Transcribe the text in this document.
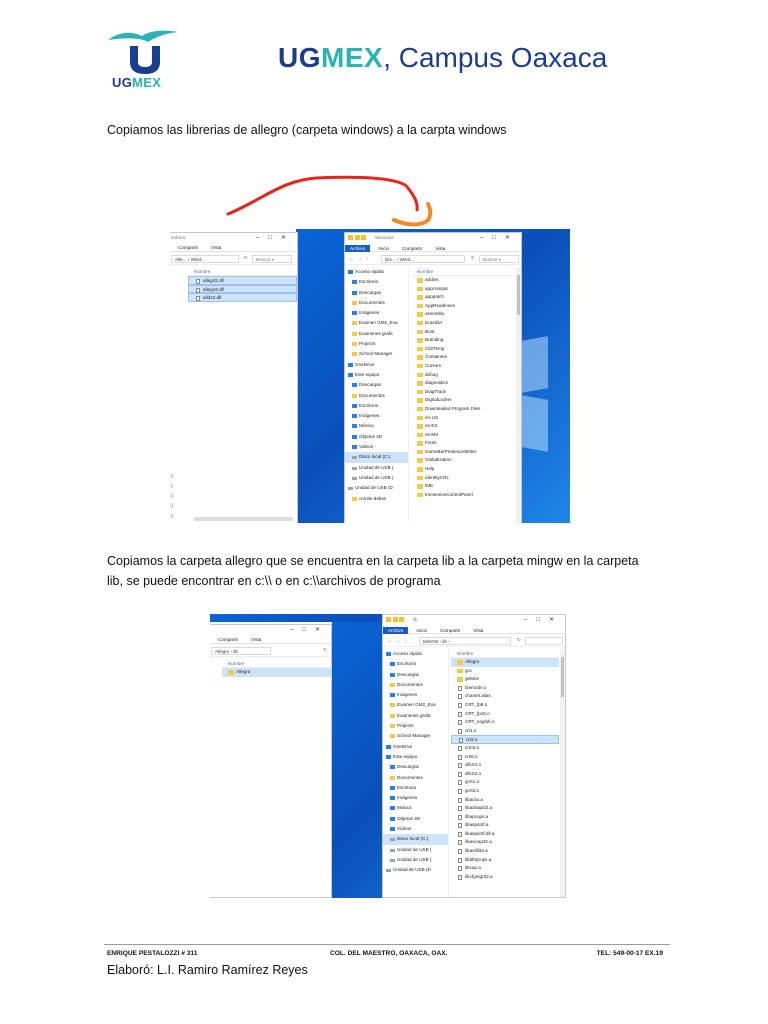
UGMEX
UGMEX, Campus Oaxaca
Copiamos las librerias de allegro (carpeta windows) a la carpta windows
indows	–□✕
Compartir	Vista
Alle... › Wind...	↻	Buscar e
Nombre
alleg42.dll
alleg42.dll
alld42.dll
:)
:)
:)
:)
:)
Windows	–□✕
Archivo	Inicio	Compartir	Vista
←→↑	Dis... › Wind...	↻	Buscar e
Acceso rápido
Escritorio
Descargas
Documentos
Imágenes
Examen GM2_Exa
Examenes grafic
Projects
School Manager
OneDrive
Este equipo
Descargas
Documentos
Escritorio
Imágenes
Música
Objetos 3D
Videos
Disco local (C:)
Unidad de USB (
Unidad de USB (
Unidad de USB (D
comite debes
Nombre
addins
appcompat
apppatch
AppReadiness
assembly
bcastdvr
Boot
Branding
CbsTemp
Containers
Cursors
debug
diagnostics
DiagTrack
DigitalLocker
Downloaded Program Files
en-US
es-ES
es-MX
Fonts
GameBarPresenceWriter
Globalization
Help
IdentityCRL
IME
ImmersiveControlPanel
Copiamos la carpeta allegro que se encuentra en la carpeta lib a la carpeta mingw en la carpeta
lib, se puede encontrar en c:\\ o en c:\\archivos de programa
–□✕
Compartir	Vista
Allegro › lib	↻
Nombre
Allegro
lib	–□✕
Archivo	Inicio	Compartir	Vista
←→↑	MinGW › lib ›	↻
Acceso rápido
Escritorio
Descargas
Documentos
Imágenes
Examen GM2_Exa
Examenes grafic
Projects
School Manager
OneDrive
Este equipo
Descargas
Documentos
Escritorio
Imágenes
Música
Objetos 3D
Vídeos
Disco local (C:)
Unidad de USB (
Unidad de USB (
Unidad de USB (D
Nombre
Allegro
gcc
gettext
binmode.o
charset.alias
CRT_fp8.o
CRT_fp10.o
CRT_noglob.o
crt1.o
crt2.o
crtmt.o
crtst.o
dllcrt1.o
dllcrt2.o
gcrt1.o
gcrt2.o
libaclui.a
libadvapi32.a
libapcups.a
libasprintf.a
libasprintf.dll.a
libavicap32.a
libavifil32.a
libbthprops.a
libcap.a
libcfgmgr32.a
ENRIQUE PESTALOZZI # 311	COL. DEL MAESTRO, OAXACA, OAX.	TEL: 549-00-17 EX.19
Elaboró: L.I. Ramiro Ramírez Reyes
